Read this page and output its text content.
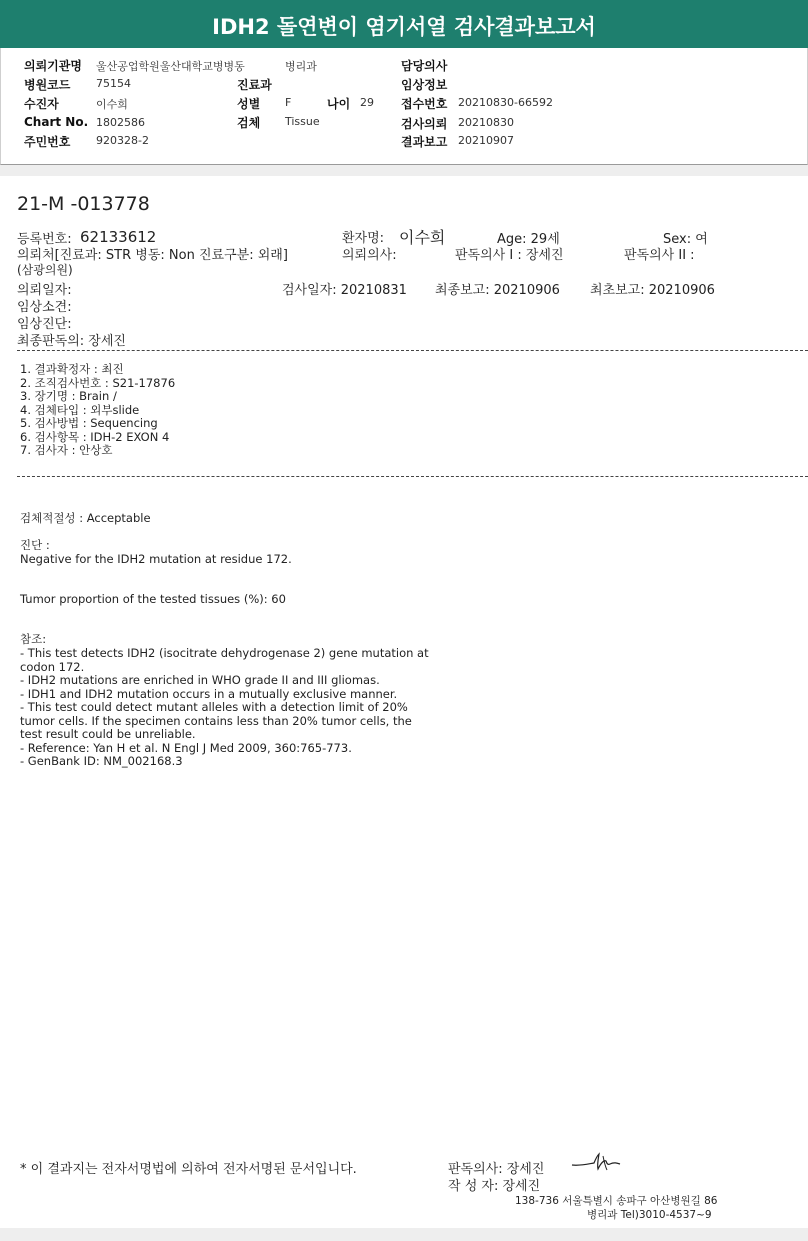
IDH2 돌연변이 염기서열 검사결과보고서
의뢰기관명 울산공업학원울산대학교병병동	병리과	담당의사
병원코드 75154	진료과	임상정보
수진자	이수희	성별 F	나이 29 접수번호 20210830-66592
Chart No. 1802586	검체 Tissue	검사의뢰 20210830
주민번호 920328-2	결과보고 20210907
21-M -013778
등록번호: 62133612	환자명: 이수희	Age: 29세	Sex: 여
의뢰처[진료과: STR 병동: Non 진료구분: 외래]	의뢰의사:	판독의사 I : 장세진	판독의사 II :
(삼광의원)
의뢰일자:	검사일자: 20210831 최종보고: 20210906 최초보고: 20210906
임상소견:
임상진단:
최종판독의: 장세진
1. 결과확정자 : 최진
2. 조직검사번호 : S21-17876
3. 장기명 : Brain /
4. 검체타입 : 외부slide
5. 검사방법 : Sequencing
6. 검사항목 : IDH-2 EXON 4
7. 검사자 : 안상호
검체적절성 : Acceptable
진단 :
Negative for the IDH2 mutation at residue 172.
Tumor proportion of the tested tissues (%): 60
참조:
- This test detects IDH2 (isocitrate dehydrogenase 2) gene mutation at
codon 172.
- IDH2 mutations are enriched in WHO grade II and III gliomas.
- IDH1 and IDH2 mutation occurs in a mutually exclusive manner.
- This test could detect mutant alleles with a detection limit of 20%
tumor cells. If the specimen contains less than 20% tumor cells, the
test result could be unreliable.
- Reference: Yan H et al. N Engl J Med 2009, 360:765-773.
- GenBank ID: NM_002168.3
* 이 결과지는 전자서명법에 의하여 전자서명된 문서입니다.	판독의사: 장세진
작 성 자: 장세진
138-736 서울특별시 송파구 아산병원길 86
병리과 Tel)3010-4537~9
